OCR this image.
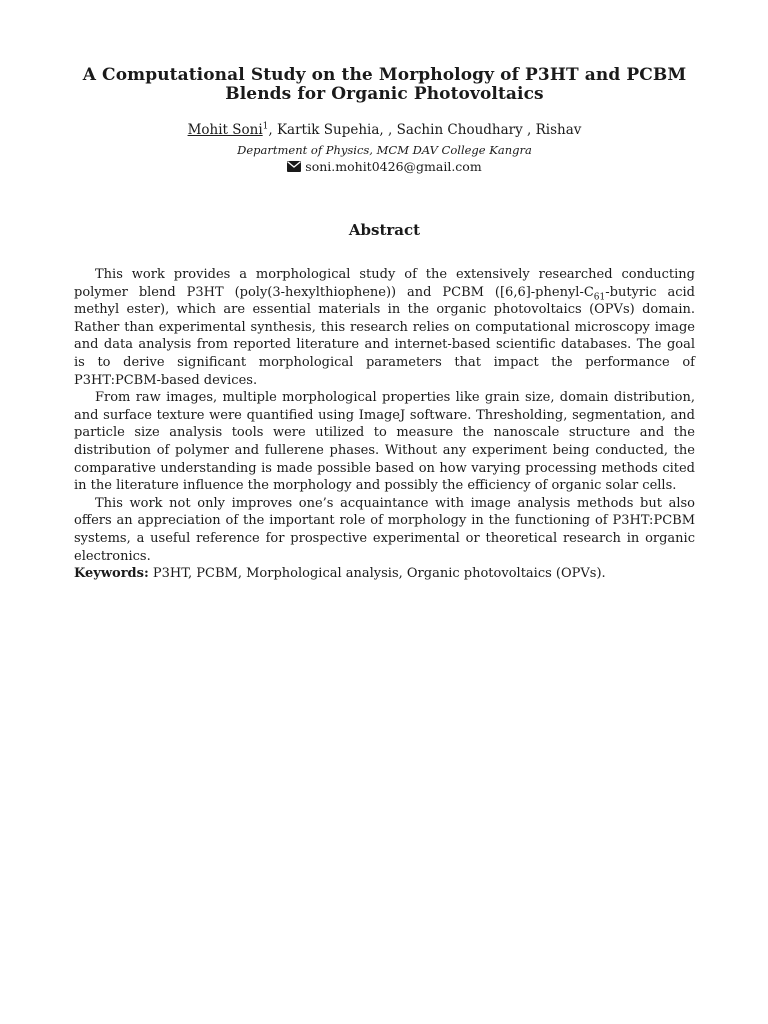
A Computational Study on the Morphology of P3HT and PCBM
Blends for Organic Photovoltaics
Mohit Soni$^1$, Kartik Supehia, , Sachin Choudhary , Rishav
Department of Physics, MCM DAV College Kangra
soni.mohit0426@gmail.com
Abstract

This work provides a morphological study of the extensively researched conducting polymer blend P3HT (poly(3-hexylthiophene)) and PCBM ($[6,6]-phenyl-C_{61}$-butyric acid methyl ester), which are essential materials in the organic photovoltaics (OPVs) domain. Rather than experimental synthesis, this research relies on computational microscopy image and data analysis from reported literature and internet-based scientific databases. The goal is to derive significant morphological parameters that impact the performance of P3HT:PCBM-based devices.

From raw images, multiple morphological properties like grain size, domain distribution, and surface texture were quantified using ImageJ software. Thresholding, segmentation, and particle size analysis tools were utilized to measure the nanoscale structure and the distribution of polymer and fullerene phases. Without any experiment being conducted, the comparative understanding is made possible based on how varying processing methods cited in the literature influence the morphology and possibly the efficiency of organic solar cells.

This work not only improves one’s acquaintance with image analysis methods but also offers an appreciation of the important role of morphology in the functioning of P3HT:PCBM systems, a useful reference for prospective experimental or theoretical research in organic electronics.

Keywords: P3HT, PCBM, Morphological analysis, Organic photovoltaics (OPVs).
